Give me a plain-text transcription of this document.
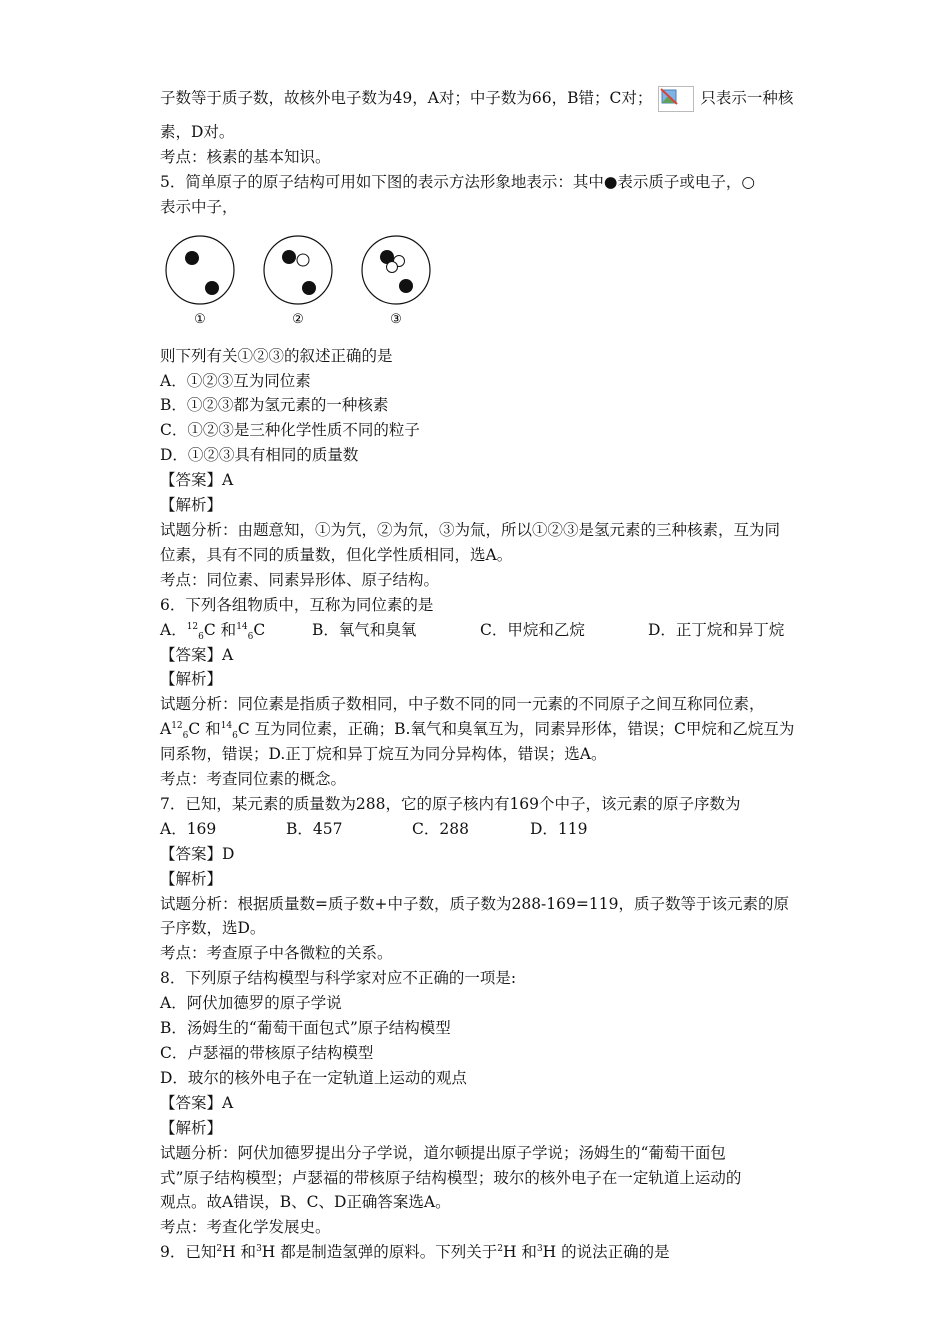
子数等于质子数，故核外电子数为49，A对；中子数为66，B错；C对；	只表示一种核
素，D对。
考点：核素的基本知识。
5．简单原子的原子结构可用如下图的表示方法形象地表示：其中●表示质子或电子，○
表示中子，
①	②	③
则下列有关①②③的叙述正确的是
A．①②③互为同位素
B．①②③都为氢元素的一种核素
C．①②③是三种化学性质不同的粒子
D．①②③具有相同的质量数
【答案】A
【解析】
试题分析：由题意知，①为氕，②为氘，③为氚，所以①②③是氢元素的三种核素，互为同
位素，具有不同的质量数，但化学性质相同，选A。
考点：同位素、同素异形体、原子结构。
6．下列各组物质中，互称为同位素的是
A．$^{12}_6$C 和$^{14}_6$C	B．氧气和臭氧	C．甲烷和乙烷	D．正丁烷和异丁烷
【答案】A
【解析】
试题分析：同位素是指质子数相同，中子数不同的同一元素的不同原子之间互称同位素，
$A^{12}_6C$ 和$^{14}_6$C 互为同位素，正确；B.氧气和臭氧互为，同素异形体，错误；C甲烷和乙烷互为
同系物，错误；D.正丁烷和异丁烷互为同分异构体，错误；选A。
考点：考查同位素的概念。
7．已知，某元素的质量数为288，它的原子核内有169个中子，该元素的原子序数为
A．169	B．457	C．288	D．119
【答案】D
【解析】
试题分析：根据质量数=质子数+中子数，质子数为288-169=119，质子数等于该元素的原
子序数，选D。
考点：考查原子中各微粒的关系。
8．下列原子结构模型与科学家对应不正确的一项是:
A．阿伏加德罗的原子学说
B．汤姆生的“葡萄干面包式”原子结构模型
C．卢瑟福的带核原子结构模型
D．玻尔的核外电子在一定轨道上运动的观点
【答案】A
【解析】
试题分析：阿伏加德罗提出分子学说，道尔顿提出原子学说；汤姆生的“葡萄干面包
式”原子结构模型；卢瑟福的带核原子结构模型；玻尔的核外电子在一定轨道上运动的
观点。故A错误，B、C、D正确答案选A。
考点：考查化学发展史。
9．已知$^2$H 和$^3$H 都是制造氢弹的原料。下列关于$^2$H 和$^3$H 的说法正确的是
